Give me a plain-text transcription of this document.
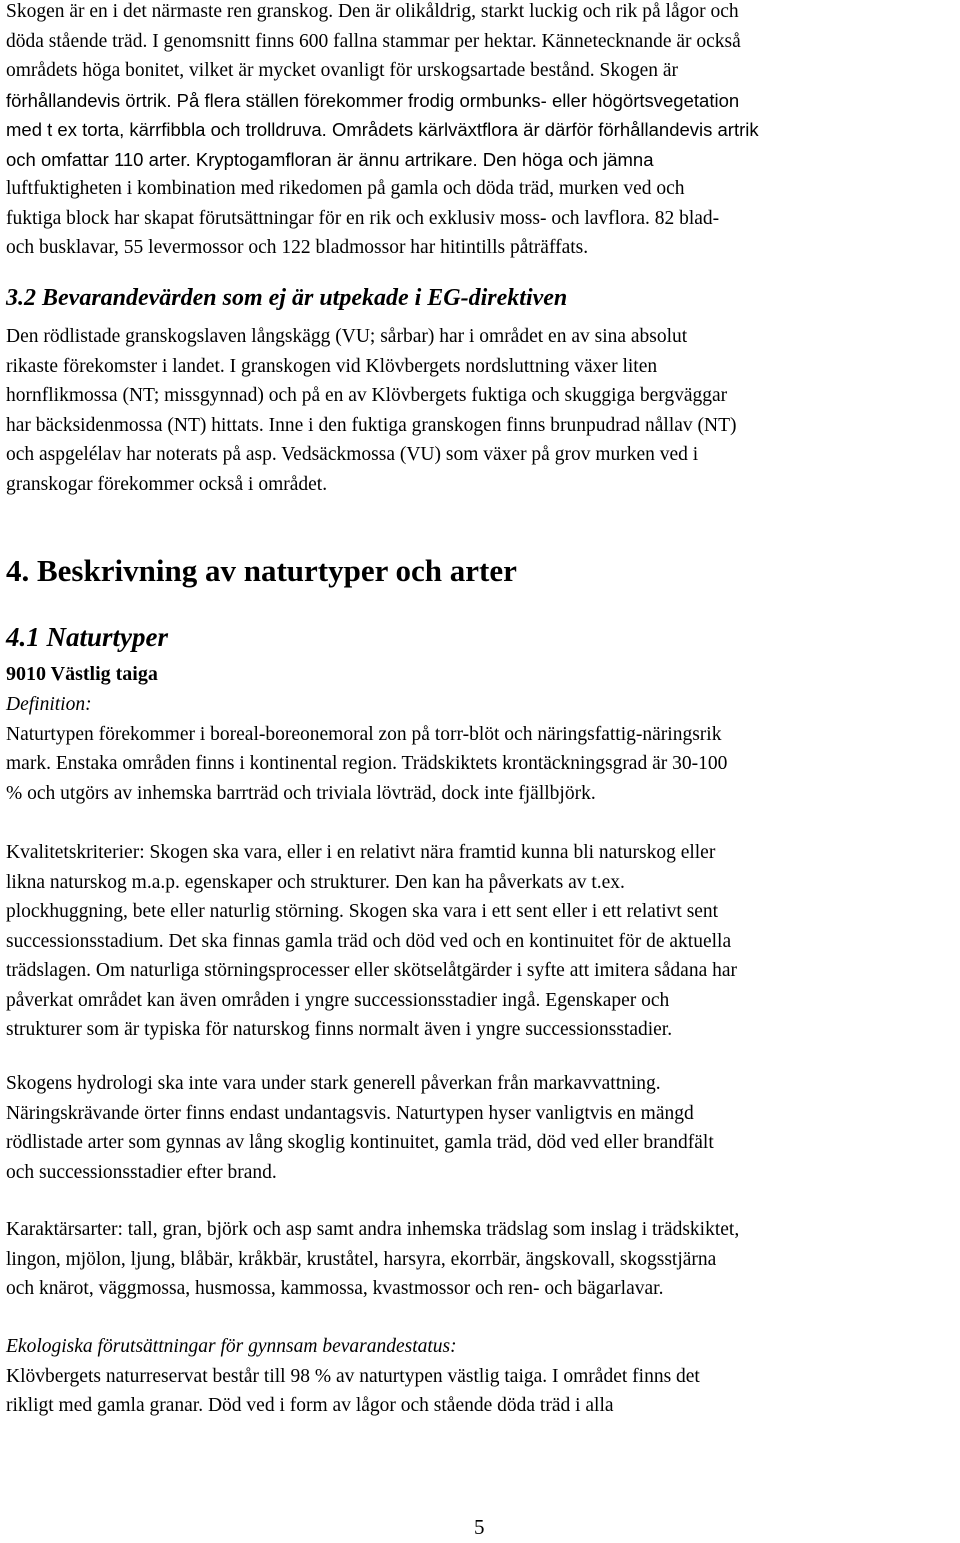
Skogen är en i det närmaste ren granskog. Den är olikåldrig, starkt luckig och rik på lågor och
döda stående träd. I genomsnitt finns 600 fallna stammar per hektar. Kännetecknande är också
områdets höga bonitet, vilket är mycket ovanligt för urskogsartade bestånd. Skogen är
förhållandevis örtrik. På flera ställen förekommer frodig ormbunks- eller högörtsvegetation
med t ex torta, kärrfibbla och trolldruva. Områdets kärlväxtflora är därför förhållandevis artrik
och omfattar 110 arter. Kryptogamfloran är ännu artrikare. Den höga och jämna
luftfuktigheten i kombination med rikedomen på gamla och döda träd, murken ved och
fuktiga block har skapat förutsättningar för en rik och exklusiv moss- och lavflora. 82 blad-
och busklavar, 55 levermossor och 122 bladmossor har hitintills påträffats.
3.2 Bevarandevärden som ej är utpekade i EG-direktiven
Den rödlistade granskogslaven långskägg (VU; sårbar) har i området en av sina absolut
rikaste förekomster i landet. I granskogen vid Klövbergets nordsluttning växer liten
hornflikmossa (NT; missgynnad) och på en av Klövbergets fuktiga och skuggiga bergväggar
har bäcksidenmossa (NT) hittats. Inne i den fuktiga granskogen finns brunpudrad nållav (NT)
och aspgelélav har noterats på asp. Vedsäckmossa (VU) som växer på grov murken ved i
granskogar förekommer också i området.
4. Beskrivning av naturtyper och arter
4.1 Naturtyper
9010 Västlig taiga
Definition:
Naturtypen förekommer i boreal-boreonemoral zon på torr-blöt och näringsfattig-näringsrik
mark. Enstaka områden finns i kontinental region. Trädskiktets krontäckningsgrad är 30-100
% och utgörs av inhemska barrträd och triviala lövträd, dock inte fjällbjörk.
Kvalitetskriterier: Skogen ska vara, eller i en relativt nära framtid kunna bli naturskog eller
likna naturskog m.a.p. egenskaper och strukturer. Den kan ha påverkats av t.ex.
plockhuggning, bete eller naturlig störning. Skogen ska vara i ett sent eller i ett relativt sent
successionsstadium. Det ska finnas gamla träd och död ved och en kontinuitet för de aktuella
trädslagen. Om naturliga störningsprocesser eller skötselåtgärder i syfte att imitera sådana har
påverkat området kan även områden i yngre successionsstadier ingå. Egenskaper och
strukturer som är typiska för naturskog finns normalt även i yngre successionsstadier.
Skogens hydrologi ska inte vara under stark generell påverkan från markavvattning.
Näringskrävande örter finns endast undantagsvis. Naturtypen hyser vanligtvis en mängd
rödlistade arter som gynnas av lång skoglig kontinuitet, gamla träd, död ved eller brandfält
och successionsstadier efter brand.
Karaktärsarter: tall, gran, björk och asp samt andra inhemska trädslag som inslag i trädskiktet,
lingon, mjölon, ljung, blåbär, kråkbär, kruståtel, harsyra, ekorrbär, ängskovall, skogsstjärna
och knärot, väggmossa, husmossa, kammossa, kvastmossor och ren- och bägarlavar.
Ekologiska förutsättningar för gynnsam bevarandestatus:
Klövbergets naturreservat består till 98 % av naturtypen västlig taiga. I området finns det
rikligt med gamla granar. Död ved i form av lågor och stående döda träd i alla
5
